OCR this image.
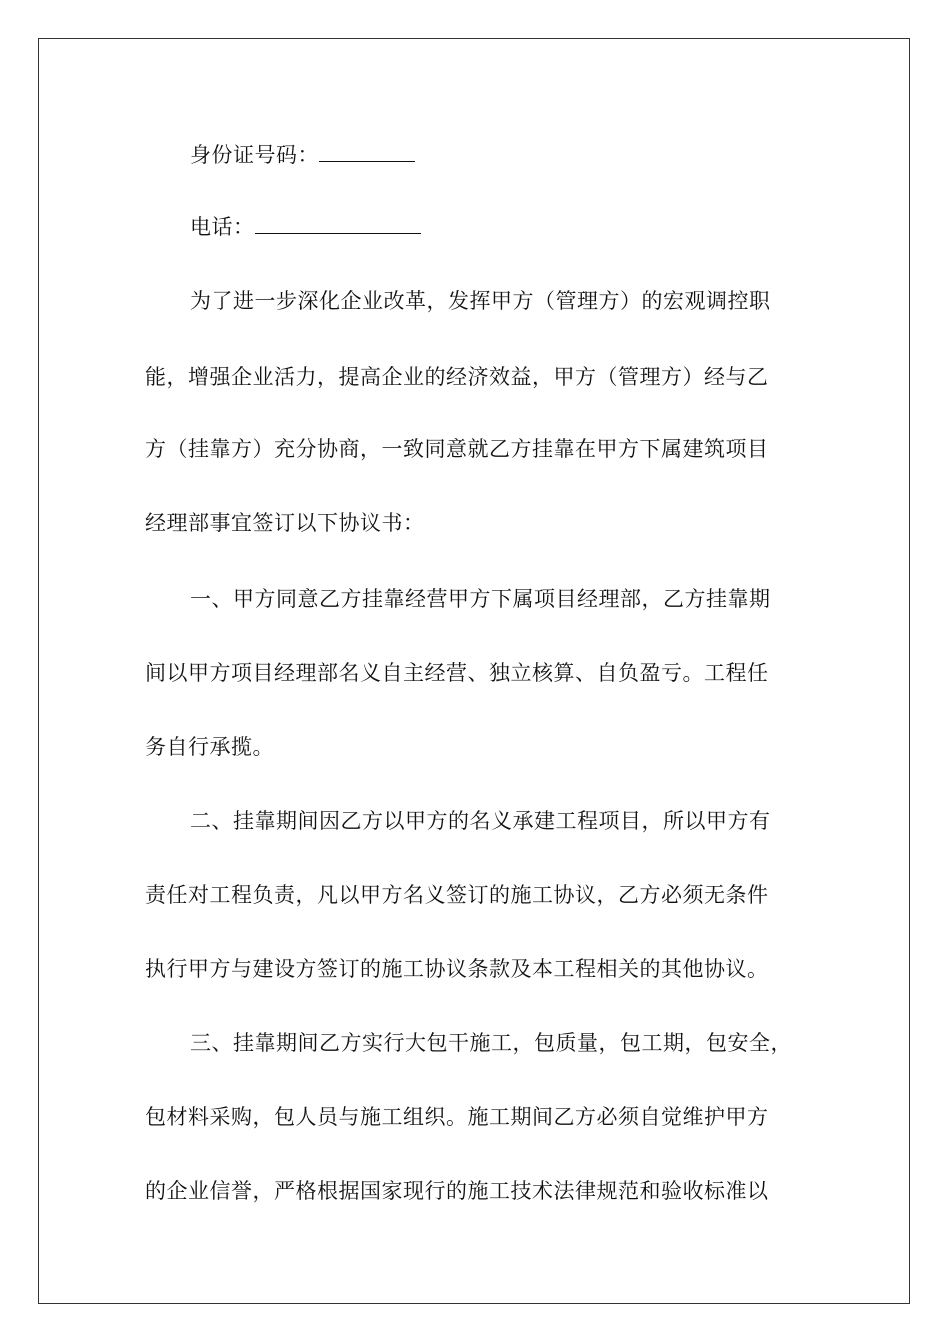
身份证号码：
电话：
为了进一步深化企业改革，发挥甲方（管理方）的宏观调控职
能，增强企业活力，提高企业的经济效益，甲方（管理方）经与乙
方（挂靠方）充分协商，一致同意就乙方挂靠在甲方下属建筑项目
经理部事宜签订以下协议书：
一、甲方同意乙方挂靠经营甲方下属项目经理部，乙方挂靠期
间以甲方项目经理部名义自主经营、独立核算、自负盈亏。工程任
务自行承揽。
二、挂靠期间因乙方以甲方的名义承建工程项目，所以甲方有
责任对工程负责，凡以甲方名义签订的施工协议，乙方必须无条件
执行甲方与建设方签订的施工协议条款及本工程相关的其他协议。
三、挂靠期间乙方实行大包干施工，包质量，包工期，包安全，
包材料采购，包人员与施工组织。施工期间乙方必须自觉维护甲方
的企业信誉，严格根据国家现行的施工技术法律规范和验收标准以
